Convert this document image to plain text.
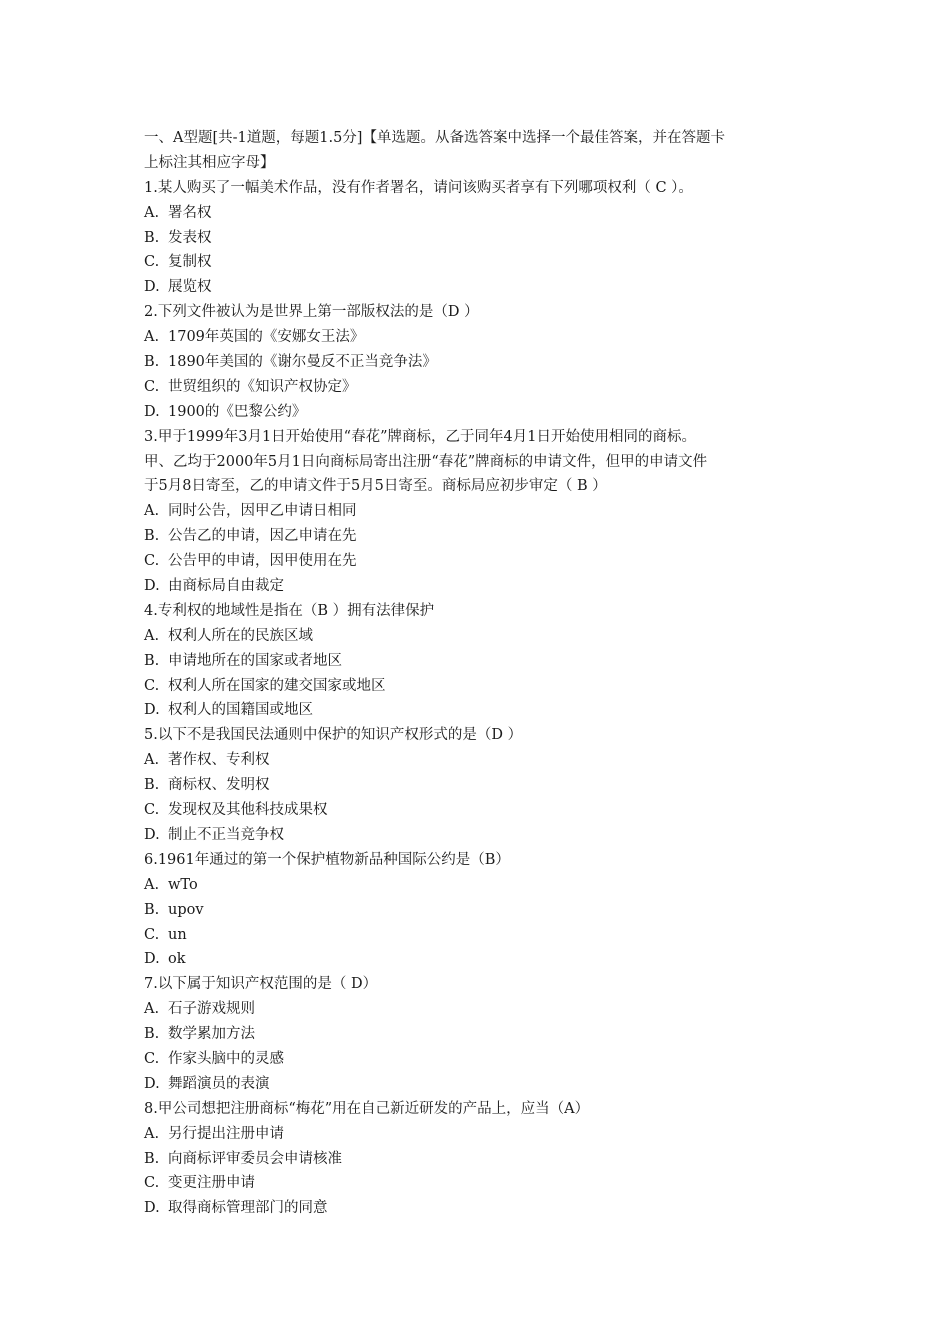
一、A型题[共-1道题，每题1.5分]【单选题。从备选答案中选择一个最佳答案，并在答题卡
上标注其相应字母】
1.某人购买了一幅美术作品，没有作者署名，请问该购买者享有下列哪项权利（ C ）。
A. 署名权
B. 发表权
C. 复制权
D. 展览权
2.下列文件被认为是世界上第一部版权法的是（D ）
A. 1709年英国的《安娜女王法》
B. 1890年美国的《谢尔曼反不正当竞争法》
C. 世贸组织的《知识产权协定》
D. 1900的《巴黎公约》
3.甲于1999年3月1日开始使用“春花”牌商标，乙于同年4月1日开始使用相同的商标。
甲、乙均于2000年5月1日向商标局寄出注册“春花”牌商标的申请文件，但甲的申请文件
于5月8日寄至，乙的申请文件于5月5日寄至。商标局应初步审定（ B ）
A. 同时公告，因甲乙申请日相同
B. 公告乙的申请，因乙申请在先
C. 公告甲的申请，因甲使用在先
D. 由商标局自由裁定
4.专利权的地域性是指在（B ）拥有法律保护
A. 权利人所在的民族区域
B. 申请地所在的国家或者地区
C. 权利人所在国家的建交国家或地区
D. 权利人的国籍国或地区
5.以下不是我国民法通则中保护的知识产权形式的是（D ）
A. 著作权、专利权
B. 商标权、发明权
C. 发现权及其他科技成果权
D. 制止不正当竞争权
6.1961年通过的第一个保护植物新品种国际公约是（B）
A. wTo
B. upov
C. un
D. ok
7.以下属于知识产权范围的是（ D）
A. 石子游戏规则
B. 数学累加方法
C. 作家头脑中的灵感
D. 舞蹈演员的表演
8.甲公司想把注册商标“梅花”用在自己新近研发的产品上，应当（A）
A. 另行提出注册申请
B. 向商标评审委员会申请核准
C. 变更注册申请
D. 取得商标管理部门的同意
